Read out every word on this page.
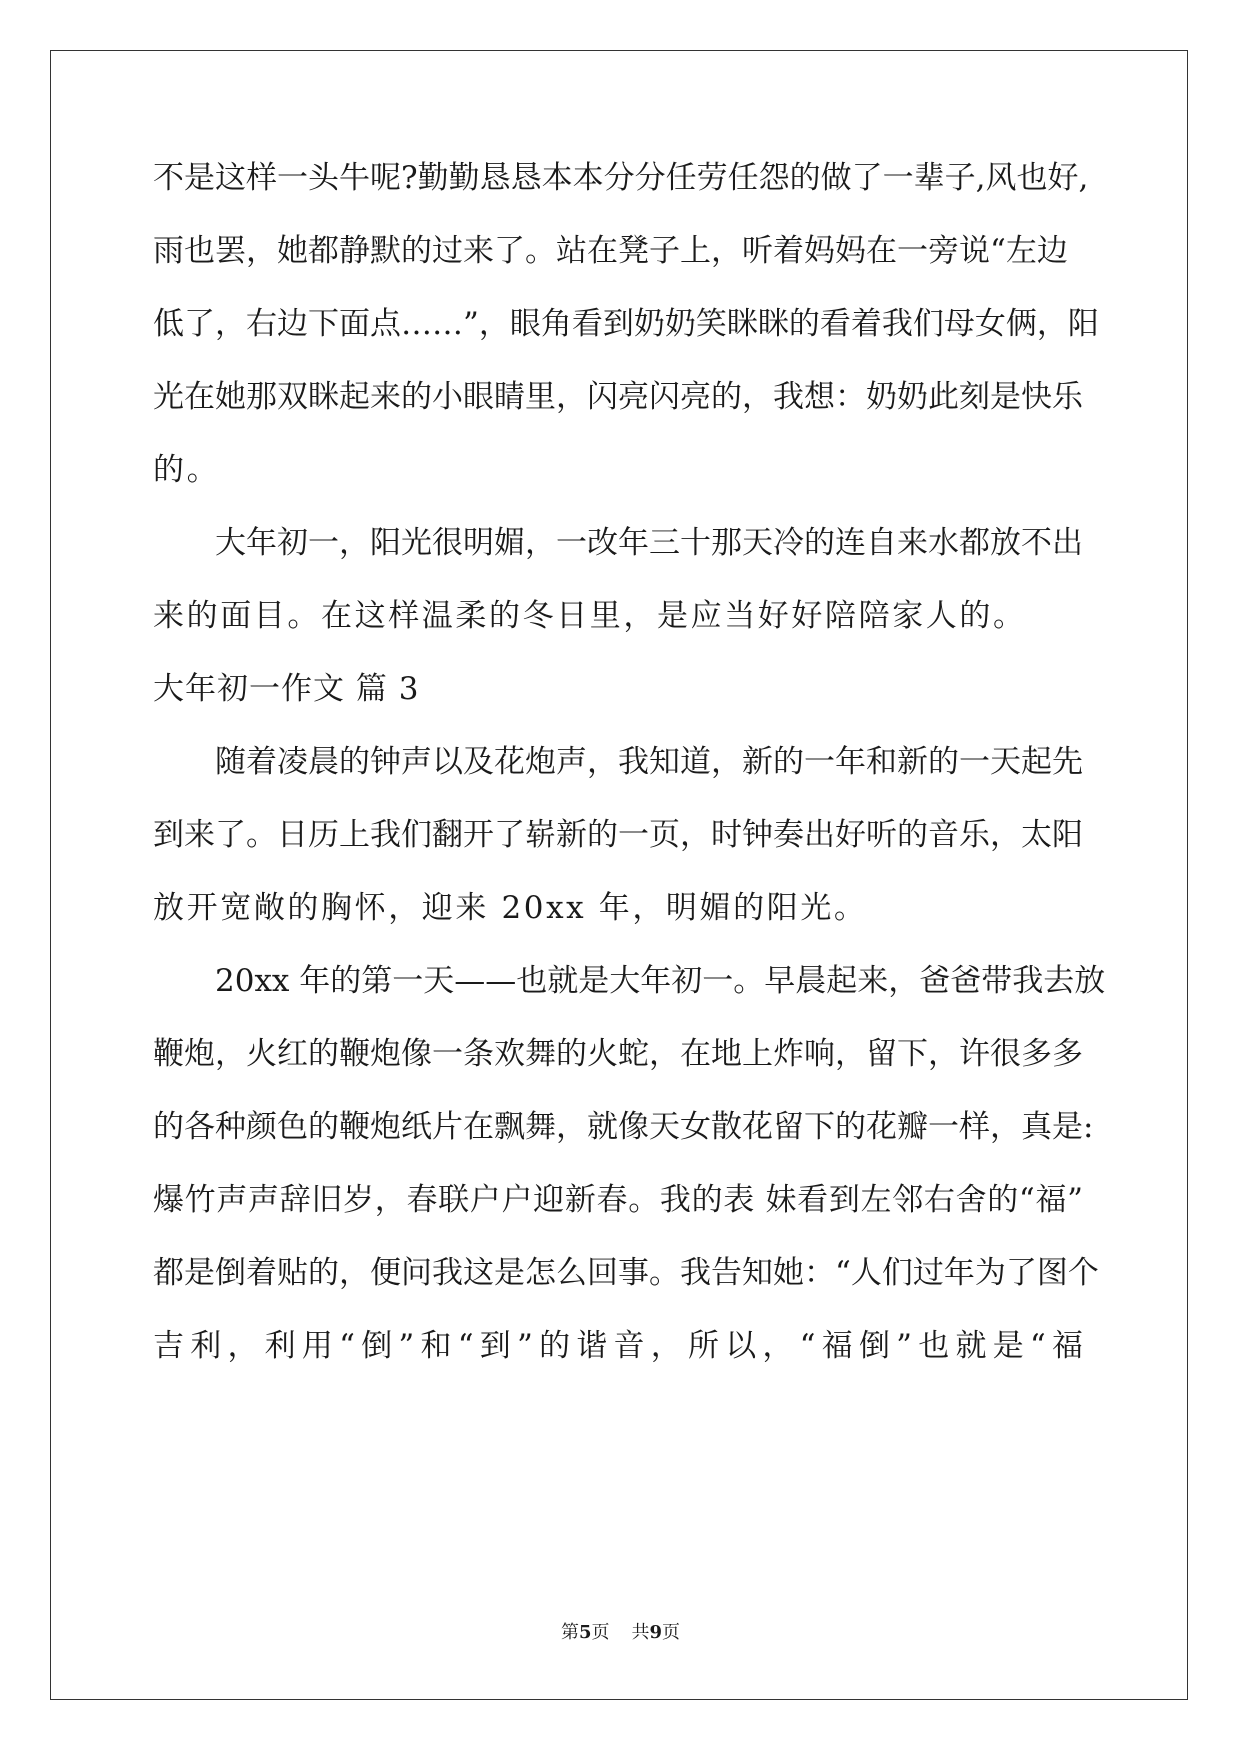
不是这样一头牛呢?勤勤恳恳本本分分任劳任怨的做了一辈子,风也好,
雨也罢，她都静默的过来了。站在凳子上，听着妈妈在一旁说“左边
低了，右边下面点……”，眼角看到奶奶笑眯眯的看着我们母女俩，阳
光在她那双眯起来的小眼睛里，闪亮闪亮的，我想：奶奶此刻是快乐
的。
大年初一，阳光很明媚，一改年三十那天冷的连自来水都放不出
来的面目。在这样温柔的冬日里，是应当好好陪陪家人的。
大年初一作文 篇 3
随着凌晨的钟声以及花炮声，我知道，新的一年和新的一天起先
到来了。日历上我们翻开了崭新的一页，时钟奏出好听的音乐，太阳
放开宽敞的胸怀，迎来 20xx 年，明媚的阳光。
20xx 年的第一天——也就是大年初一。早晨起来，爸爸带我去放
鞭炮，火红的鞭炮像一条欢舞的火蛇，在地上炸响，留下，许很多多
的各种颜色的鞭炮纸片在飘舞，就像天女散花留下的花瓣一样，真是:
爆竹声声辞旧岁，春联户户迎新春。我的表 妹看到左邻右舍的“福”
都是倒着贴的，便问我这是怎么回事。我告知她：“人们过年为了图个
吉利，利用“倒”和“到”的谐音，所以，“福倒”也就是“福
第5页 共9页
